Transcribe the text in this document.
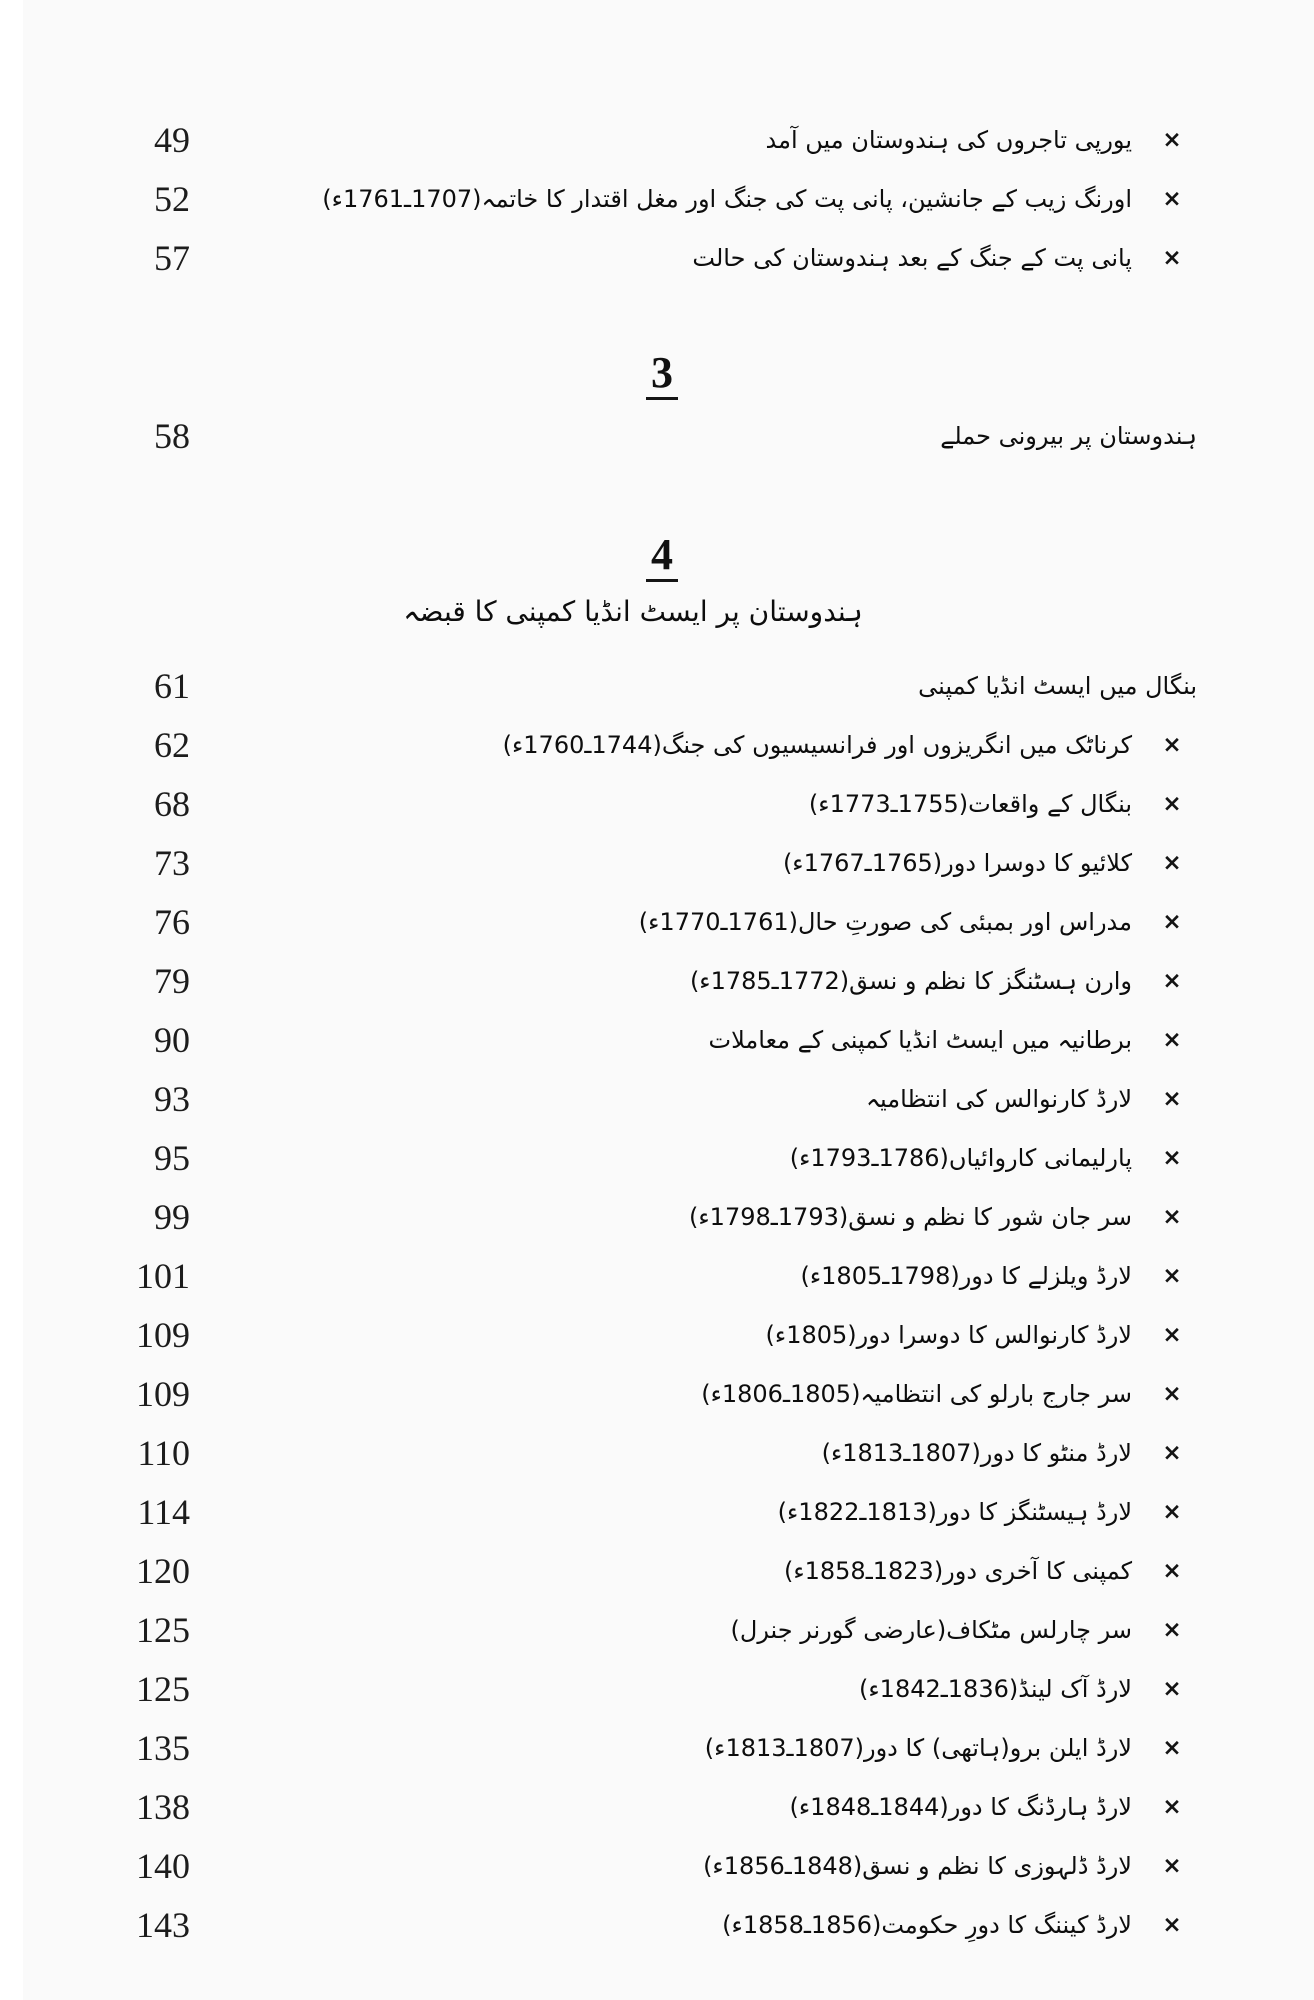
49	یورپی تاجروں کی ہندوستان میں آمد ×
52	اورنگ زیب کے جانشین، پانی پت کی جنگ اور مغل اقتدار کا خاتمہ(1707ـ1761ء) ×
57	پانی پت کے جنگ کے بعد ہندوستان کی حالت ×
3
58	ہندوستان پر بیرونی حملے
4
ہندوستان پر ایسٹ انڈیا کمپنی کا قبضہ
61	بنگال میں ایسٹ انڈیا کمپنی
62	کرناٹک میں انگریزوں اور فرانسیسیوں کی جنگ(1744ـ1760ء) ×
68	بنگال کے واقعات(1755ـ1773ء) ×
73	کلائیو کا دوسرا دور(1765ـ1767ء) ×
76	مدراس اور بمبئی کی صورتِ حال(1761ـ1770ء) ×
79	وارن ہسٹنگز کا نظم و نسق(1772ـ1785ء) ×
90	برطانیہ میں ایسٹ انڈیا کمپنی کے معاملات ×
93	لارڈ کارنوالس کی انتظامیہ ×
95	پارلیمانی کاروائیاں(1786ـ1793ء) ×
99	سر جان شور کا نظم و نسق(1793ـ1798ء) ×
101	لارڈ ویلزلے کا دور(1798ـ1805ء) ×
109	لارڈ کارنوالس کا دوسرا دور(1805ء) ×
109	سر جارج بارلو کی انتظامیہ(1805ـ1806ء) ×
110	لارڈ منٹو کا دور(1807ـ1813ء) ×
114	لارڈ ہیسٹنگز کا دور(1813ـ1822ء) ×
120	کمپنی کا آخری دور(1823ـ1858ء) ×
125	سر چارلس مٹکاف(عارضی گورنر جنرل) ×
125	لارڈ آک لینڈ(1836ـ1842ء) ×
135	لارڈ ایلن برو(ہاتھی) کا دور(1807ـ1813ء) ×
138	لارڈ ہارڈنگ کا دور(1844ـ1848ء) ×
140	لارڈ ڈلہوزی کا نظم و نسق(1848ـ1856ء) ×
143	لارڈ کیننگ کا دورِ حکومت(1856ـ1858ء) ×
